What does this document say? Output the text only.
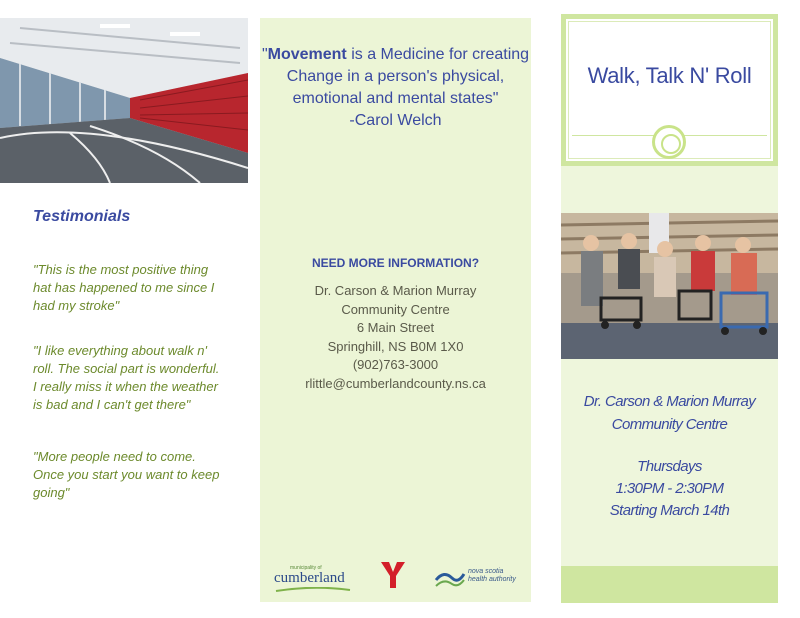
Testimonials
"This is the most positive thing hat has happened to me since I had my stroke"
"I like everything about walk n' roll. The social part is wonderful. I really miss it when the weather is bad and I can't get there"
"More people need to come. Once you start you want to keep going"
"Movement is a Medicine for creating Change in a person's physical, emotional and mental states"
-Carol Welch
NEED MORE INFORMATION?
Dr. Carson & Marion Murray
Community Centre
6 Main Street
Springhill, NS B0M 1X0
(902)763-3000
rlittle@cumberlandcounty.ns.ca
municipality of
cumberland	nova scotia
health authority
Walk, Talk N' Roll
Dr. Carson & Marion Murray
Community Centre
Thursdays
1:30PM - 2:30PM
Starting March 14th
